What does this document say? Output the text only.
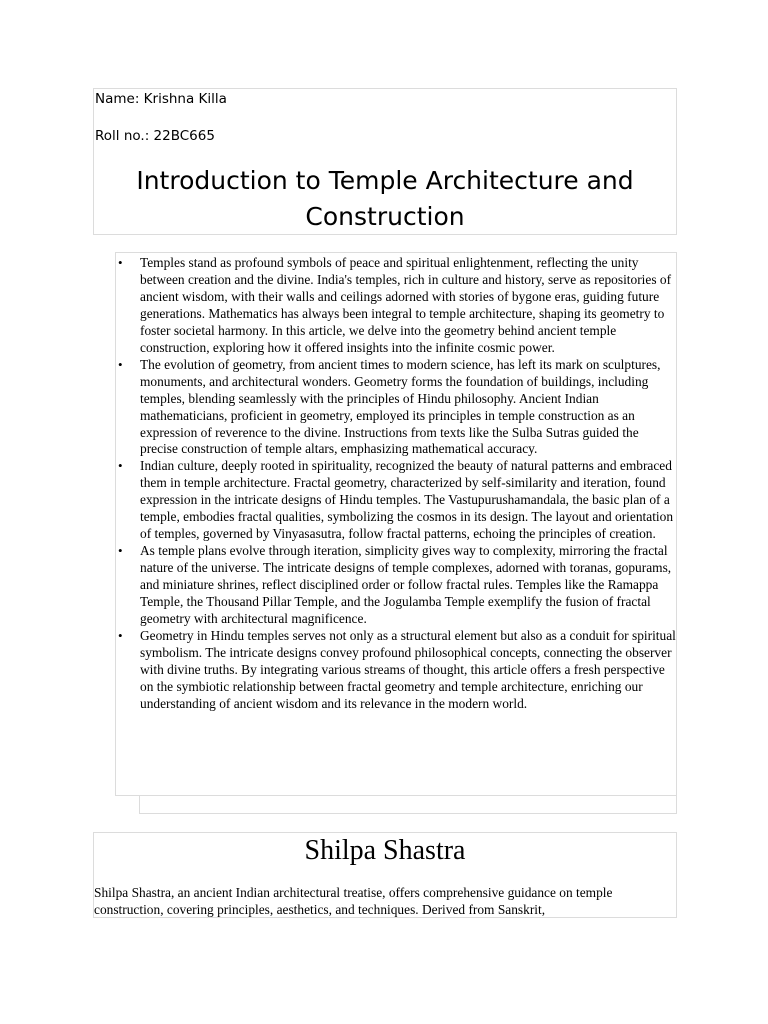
Name: Krishna Killa
Roll no.: 22BC665
Introduction to Temple Architecture and Construction
• Temples stand as profound symbols of peace and spiritual enlightenment, reflecting the unity between creation and the divine. India's temples, rich in culture and history, serve as repositories of ancient wisdom, with their walls and ceilings adorned with stories of bygone eras, guiding future generations. Mathematics has always been integral to temple architecture, shaping its geometry to foster societal harmony. In this article, we delve into the geometry behind ancient temple construction, exploring how it offered insights into the infinite cosmic power.
• The evolution of geometry, from ancient times to modern science, has left its mark on sculptures, monuments, and architectural wonders. Geometry forms the foundation of buildings, including temples, blending seamlessly with the principles of Hindu philosophy. Ancient Indian mathematicians, proficient in geometry, employed its principles in temple construction as an expression of reverence to the divine. Instructions from texts like the Sulba Sutras guided the precise construction of temple altars, emphasizing mathematical accuracy.
• Indian culture, deeply rooted in spirituality, recognized the beauty of natural patterns and embraced them in temple architecture. Fractal geometry, characterized by self-similarity and iteration, found expression in the intricate designs of Hindu temples. The Vastupurushamandala, the basic plan of a temple, embodies fractal qualities, symbolizing the cosmos in its design. The layout and orientation of temples, governed by Vinyasasutra, follow fractal patterns, echoing the principles of creation.
• As temple plans evolve through iteration, simplicity gives way to complexity, mirroring the fractal nature of the universe. The intricate designs of temple complexes, adorned with toranas, gopurams, and miniature shrines, reflect disciplined order or follow fractal rules. Temples like the Ramappa Temple, the Thousand Pillar Temple, and the Jogulamba Temple exemplify the fusion of fractal geometry with architectural magnificence.
• Geometry in Hindu temples serves not only as a structural element but also as a conduit for spiritual symbolism. The intricate designs convey profound philosophical concepts, connecting the observer with divine truths. By integrating various streams of thought, this article offers a fresh perspective on the symbiotic relationship between fractal geometry and temple architecture, enriching our understanding of ancient wisdom and its relevance in the modern world.
Shilpa Shastra

Shilpa Shastra, an ancient Indian architectural treatise, offers comprehensive guidance on temple construction, covering principles, aesthetics, and techniques. Derived from Sanskrit,
